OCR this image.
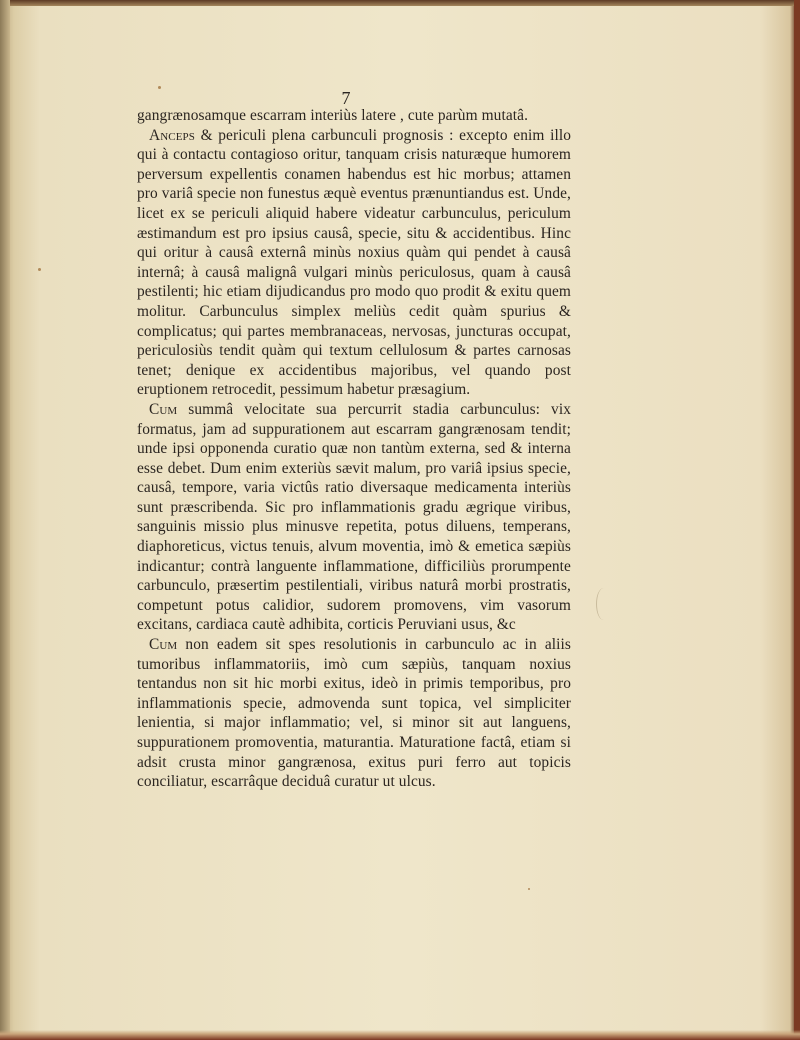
7

gangrænosamque escarram interiùs latere , cute parùm mutatâ.

Anceps & periculi plena carbunculi prognosis : excepto enim illo qui à contactu contagioso oritur, tanquam crisis naturæque humorem perversum expellentis conamen habendus est hic morbus; attamen pro variâ specie non funestus æquè eventus prænuntiandus est. Unde, licet ex se periculi aliquid habere videatur carbunculus, periculum æstimandum est pro ipsius causâ, specie, situ & accidentibus. Hinc qui oritur à causâ externâ minùs noxius quàm qui pendet à causâ internâ; à causâ malignâ vulgari minùs periculosus, quam à causâ pestilenti; hic etiam dijudicandus pro modo quo prodit & exitu quem molitur. Carbunculus simplex meliùs cedit quàm spurius & complicatus; qui partes membranaceas, nervosas, juncturas occupat, periculosiùs tendit quàm qui textum cellulosum & partes carnosas tenet; denique ex accidentibus majoribus, vel quando post eruptionem retrocedit, pessimum habetur præsagium.

Cum summâ velocitate sua percurrit stadia carbunculus: vix formatus, jam ad suppurationem aut escarram gangrænosam tendit; unde ipsi opponenda curatio quæ non tantùm externa, sed & interna esse debet. Dum enim exteriùs sævit malum, pro variâ ipsius specie, causâ, tempore, varia victûs ratio diversaque medicamenta interiùs sunt præscribenda. Sic pro inflammationis gradu ægrique viribus, sanguinis missio plus minusve repetita, potus diluens, temperans, diaphoreticus, victus tenuis, alvum moventia, imò & emetica sæpiùs indicantur; contrà languente inflammatione, difficiliùs prorumpente carbunculo, præsertim pestilentiali, viribus naturâ morbi prostratis, competunt potus calidior, sudorem promovens, vim vasorum excitans, cardiaca cautè adhibita, corticis Peruviani usus, &c

Cum non eadem sit spes resolutionis in carbunculo ac in aliis tumoribus inflammatoriis, imò cum sæpiùs, tanquam noxius tentandus non sit hic morbi exitus, ideò in primis temporibus, pro inflammationis specie, admovenda sunt topica, vel simpliciter lenientia, si major inflammatio; vel, si minor sit aut languens, suppurationem promoventia, maturantia. Maturatione factâ, etiam si adsit crusta minor gangrænosa, exitus puri ferro aut topicis conciliatur, escarrâque deciduâ curatur ut ulcus.
